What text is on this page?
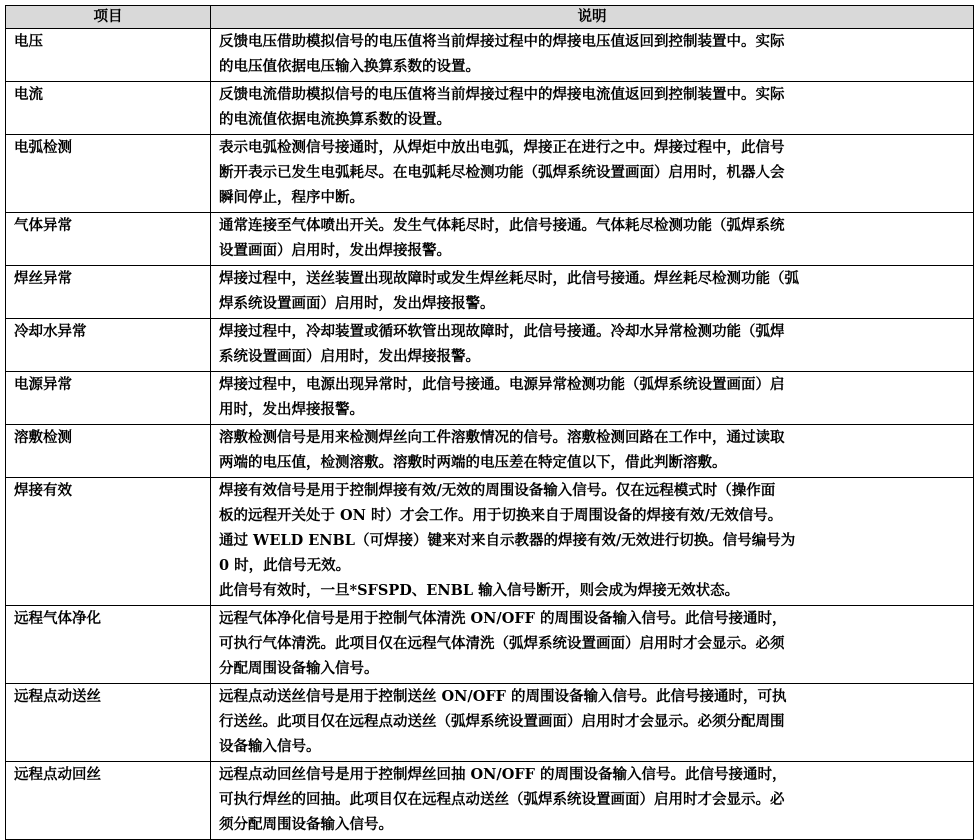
项目	说明
电压	反馈电压借助模拟信号的电压值将当前焊接过程中的焊接电压值返回到控制装置中。实际
的电压值依据电压输入换算系数的设置。

电流	反馈电流借助模拟信号的电压值将当前焊接过程中的焊接电流值返回到控制装置中。实际
的电流值依据电流换算系数的设置。

电弧检测	表示电弧检测信号接通时，从焊炬中放出电弧，焊接正在进行之中。焊接过程中，此信号
断开表示已发生电弧耗尽。在电弧耗尽检测功能（弧焊系统设置画面）启用时，机器人会
瞬间停止，程序中断。

气体异常	通常连接至气体喷出开关。发生气体耗尽时，此信号接通。气体耗尽检测功能（弧焊系统
设置画面）启用时，发出焊接报警。

焊丝异常	焊接过程中，送丝装置出现故障时或发生焊丝耗尽时，此信号接通。焊丝耗尽检测功能（弧
焊系统设置画面）启用时，发出焊接报警。

冷却水异常	焊接过程中，冷却装置或循环软管出现故障时，此信号接通。冷却水异常检测功能（弧焊
系统设置画面）启用时，发出焊接报警。

电源异常	焊接过程中，电源出现异常时，此信号接通。电源异常检测功能（弧焊系统设置画面）启
用时，发出焊接报警。

溶敷检测	溶敷检测信号是用来检测焊丝向工件溶敷情况的信号。溶敷检测回路在工作中，通过读取
两端的电压值，检测溶敷。溶敷时两端的电压差在特定值以下，借此判断溶敷。

焊接有效	焊接有效信号是用于控制焊接有效/无效的周围设备输入信号。仅在远程模式时（操作面
板的远程开关处于 ON 时）才会工作。用于切换来自于周围设备的焊接有效/无效信号。
通过 WELD ENBL（可焊接）键来对来自示教器的焊接有效/无效进行切换。信号编号为
0 时，此信号无效。
此信号有效时，一旦*SFSPD、ENBL 输入信号断开，则会成为焊接无效状态。

远程气体净化	远程气体净化信号是用于控制气体清洗 ON/OFF 的周围设备输入信号。此信号接通时，
可执行气体清洗。此项目仅在远程气体清洗（弧焊系统设置画面）启用时才会显示。必须
分配周围设备输入信号。

远程点动送丝	远程点动送丝信号是用于控制送丝 ON/OFF 的周围设备输入信号。此信号接通时，可执
行送丝。此项目仅在远程点动送丝（弧焊系统设置画面）启用时才会显示。必须分配周围
设备输入信号。

远程点动回丝	远程点动回丝信号是用于控制焊丝回抽 ON/OFF 的周围设备输入信号。此信号接通时，
可执行焊丝的回抽。此项目仅在远程点动送丝（弧焊系统设置画面）启用时才会显示。必
须分配周围设备输入信号。
